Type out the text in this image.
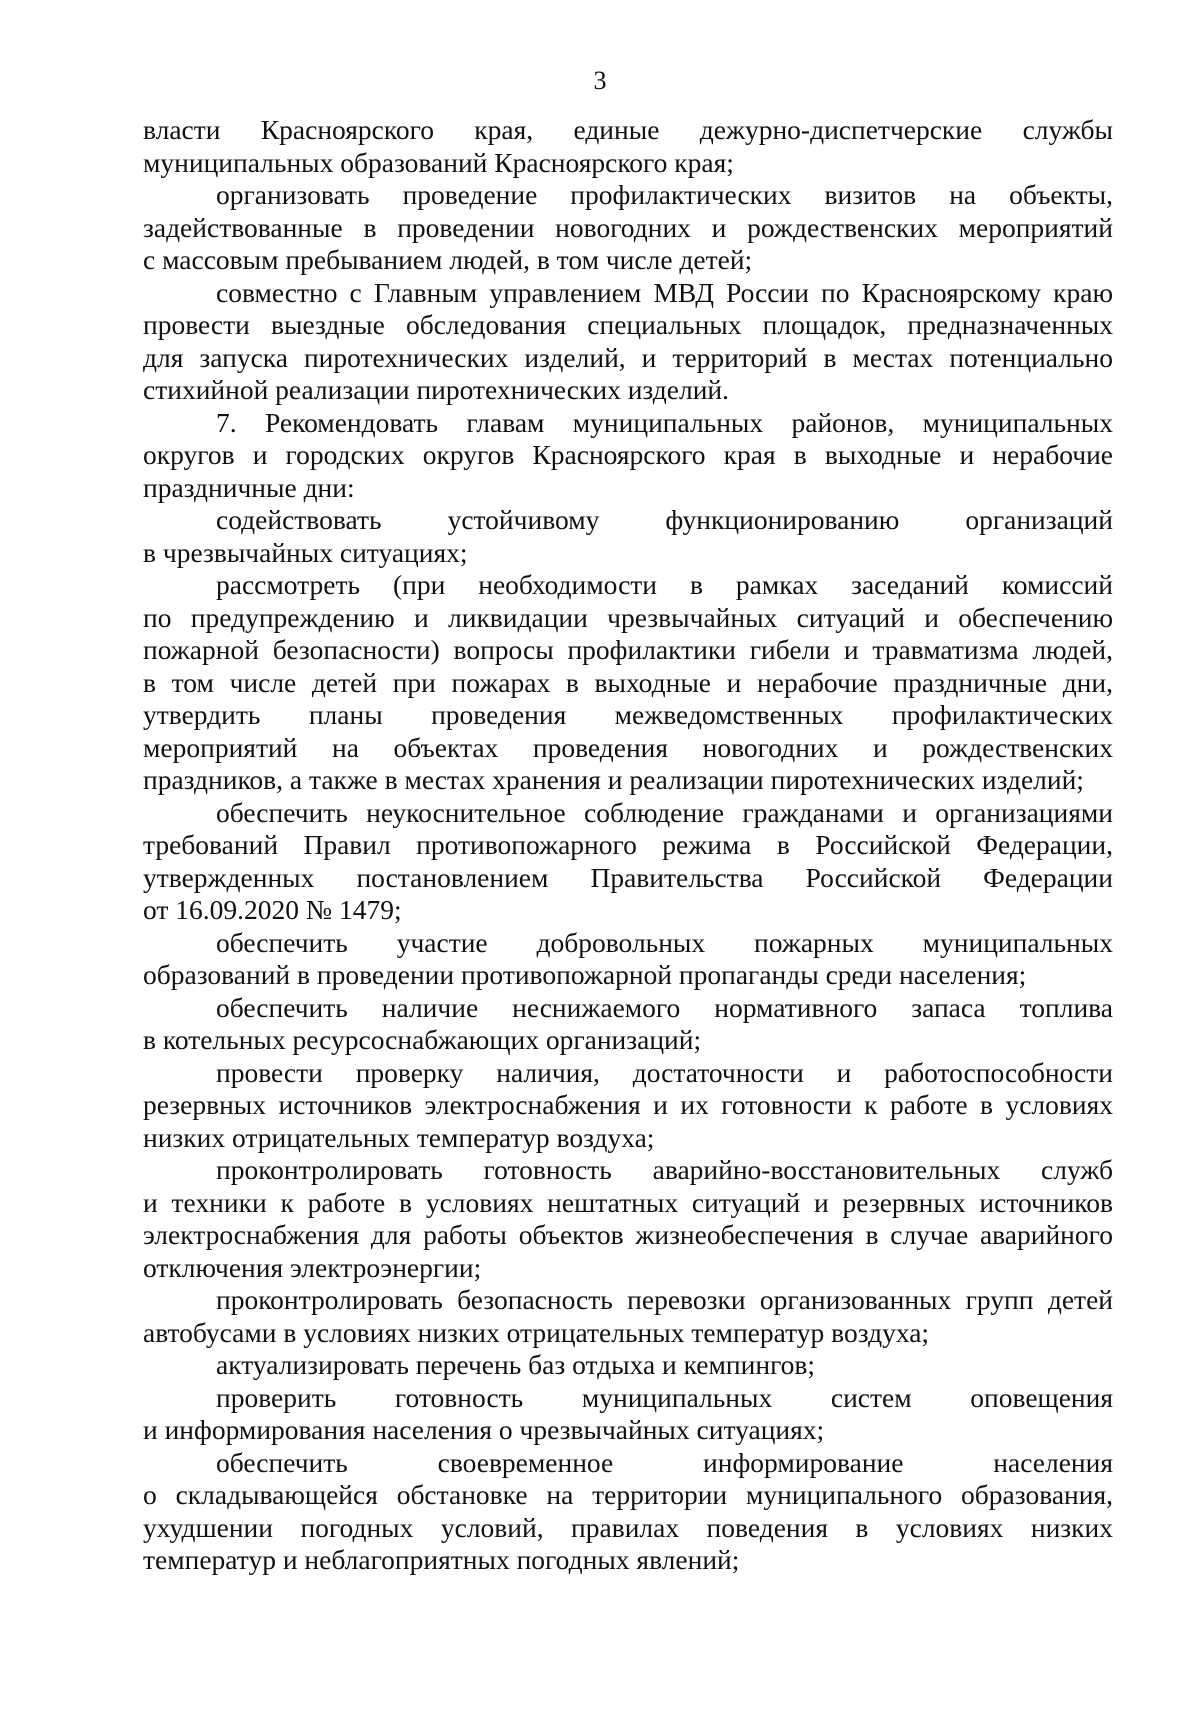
3
власти Красноярского края, единые дежурно-диспетчерские службы
муниципальных образований Красноярского края;
организовать проведение профилактических визитов на объекты,
задействованные в проведении новогодних и рождественских мероприятий
с массовым пребыванием людей, в том числе детей;
совместно с Главным управлением МВД России по Красноярскому краю
провести выездные обследования специальных площадок, предназначенных
для запуска пиротехнических изделий, и территорий в местах потенциально
стихийной реализации пиротехнических изделий.
7. Рекомендовать главам муниципальных районов, муниципальных
округов и городских округов Красноярского края в выходные и нерабочие
праздничные дни:
содействовать устойчивому функционированию организаций
в чрезвычайных ситуациях;
рассмотреть (при необходимости в рамках заседаний комиссий
по предупреждению и ликвидации чрезвычайных ситуаций и обеспечению
пожарной безопасности) вопросы профилактики гибели и травматизма людей,
в том числе детей при пожарах в выходные и нерабочие праздничные дни,
утвердить планы проведения межведомственных профилактических
мероприятий на объектах проведения новогодних и рождественских
праздников, а также в местах хранения и реализации пиротехнических изделий;
обеспечить неукоснительное соблюдение гражданами и организациями
требований Правил противопожарного режима в Российской Федерации,
утвержденных постановлением Правительства Российской Федерации
от 16.09.2020 № 1479;
обеспечить участие добровольных пожарных муниципальных
образований в проведении противопожарной пропаганды среди населения;
обеспечить наличие неснижаемого нормативного запаса топлива
в котельных ресурсоснабжающих организаций;
провести проверку наличия, достаточности и работоспособности
резервных источников электроснабжения и их готовности к работе в условиях
низких отрицательных температур воздуха;
проконтролировать готовность аварийно-восстановительных служб
и техники к работе в условиях нештатных ситуаций и резервных источников
электроснабжения для работы объектов жизнеобеспечения в случае аварийного
отключения электроэнергии;
проконтролировать безопасность перевозки организованных групп детей
автобусами в условиях низких отрицательных температур воздуха;
актуализировать перечень баз отдыха и кемпингов;
проверить готовность муниципальных систем оповещения
и информирования населения о чрезвычайных ситуациях;
обеспечить своевременное информирование населения
о складывающейся обстановке на территории муниципального образования,
ухудшении погодных условий, правилах поведения в условиях низких
температур и неблагоприятных погодных явлений;
